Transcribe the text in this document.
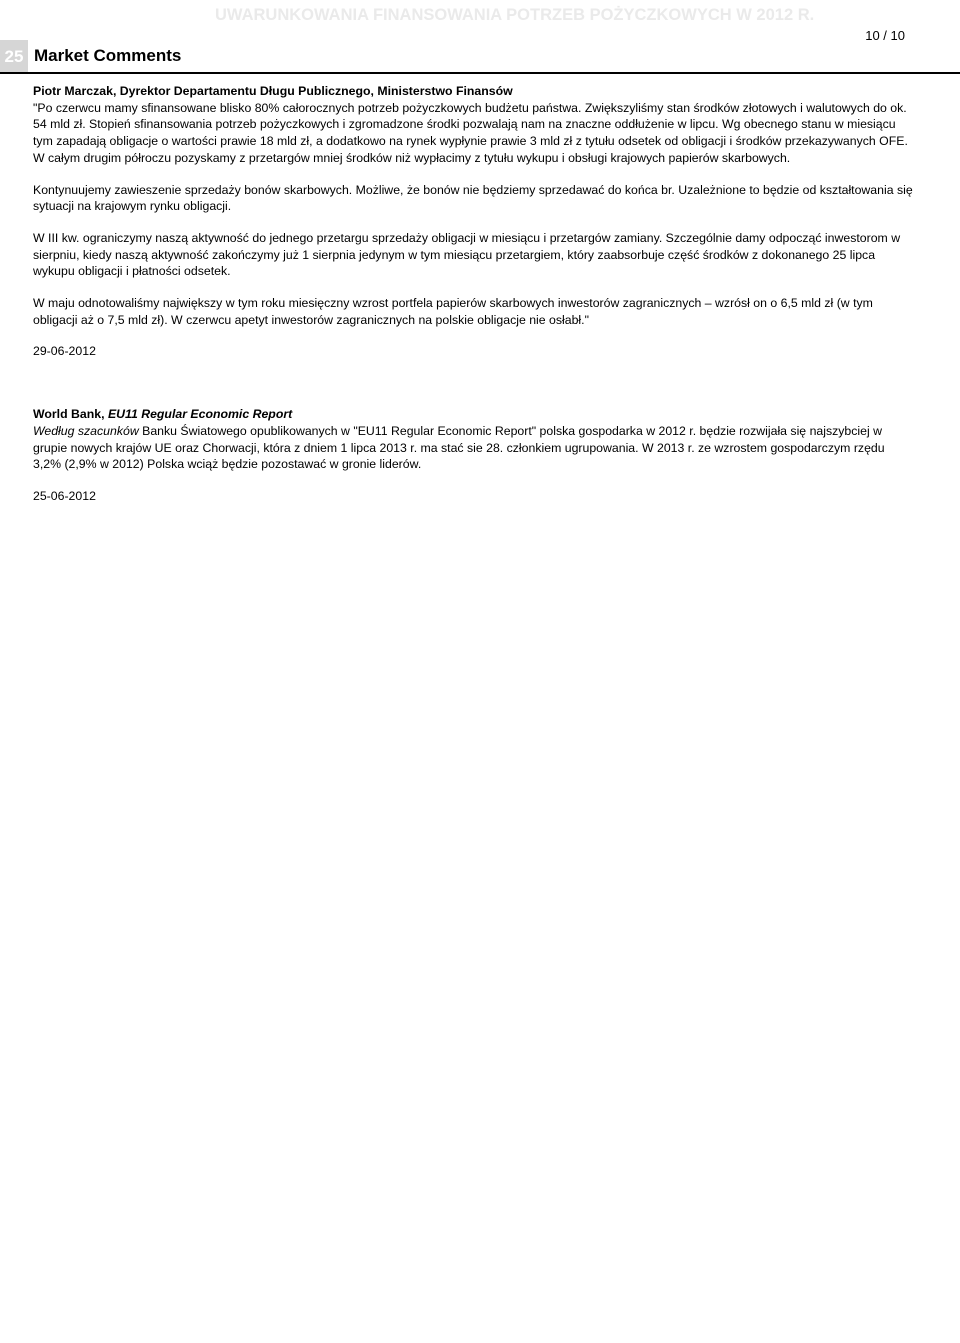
UWARUNKOWANIA FINANSOWANIA POTRZEB POŻYCZKOWYCH W 2012 R.
25 Market Comments
10 / 10

Piotr Marczak, Dyrektor Departamentu Długu Publicznego, Ministerstwo Finansów

"Po czerwcu mamy sfinansowane blisko 80% całorocznych potrzeb pożyczkowych budżetu państwa. Zwiększyliśmy stan środków złotowych i walutowych do ok. 54 mld zł. Stopień sfinansowania potrzeb pożyczkowych i zgromadzone środki pozwalają nam na znaczne oddłużenie w lipcu. Wg obecnego stanu w miesiącu tym zapadają obligacje o wartości prawie 18 mld zł, a dodatkowo na rynek wypłynie prawie 3 mld zł z tytułu odsetek od obligacji i środków przekazywanych OFE. W całym drugim półroczu pozyskamy z przetargów mniej środków niż wypłacimy z tytułu wykupu i obsługi krajowych papierów skarbowych.

Kontynuujemy zawieszenie sprzedaży bonów skarbowych. Możliwe, że bonów nie będziemy sprzedawać do końca br. Uzależnione to będzie od kształtowania się sytuacji na krajowym rynku obligacji.

W III kw. ograniczymy naszą aktywność do jednego przetargu sprzedaży obligacji w miesiącu i przetargów zamiany. Szczególnie damy odpocząć inwestorom w sierpniu, kiedy naszą aktywność zakończymy już 1 sierpnia jedynym w tym miesiącu przetargiem, który zaabsorbuje część środków z dokonanego 25 lipca wykupu obligacji i płatności odsetek.

W maju odnotowaliśmy największy w tym roku miesięczny wzrost portfela papierów skarbowych inwestorów zagranicznych – wzrósł on o 6,5 mld zł (w tym obligacji aż o 7,5 mld zł). W czerwcu apetyt inwestorów zagranicznych na polskie obligacje nie osłabł."

29-06-2012

World Bank, EU11 Regular Economic Report

Według szacunków Banku Światowego opublikowanych w "EU11 Regular Economic Report" polska gospodarka w 2012 r. będzie rozwijała się najszybciej w grupie nowych krajów UE oraz Chorwacji, która z dniem 1 lipca 2013 r. ma stać sie 28. członkiem ugrupowania. W 2013 r. ze wzrostem gospodarczym rzędu 3,2% (2,9% w 2012) Polska wciąż będzie pozostawać w gronie liderów.

25-06-2012
